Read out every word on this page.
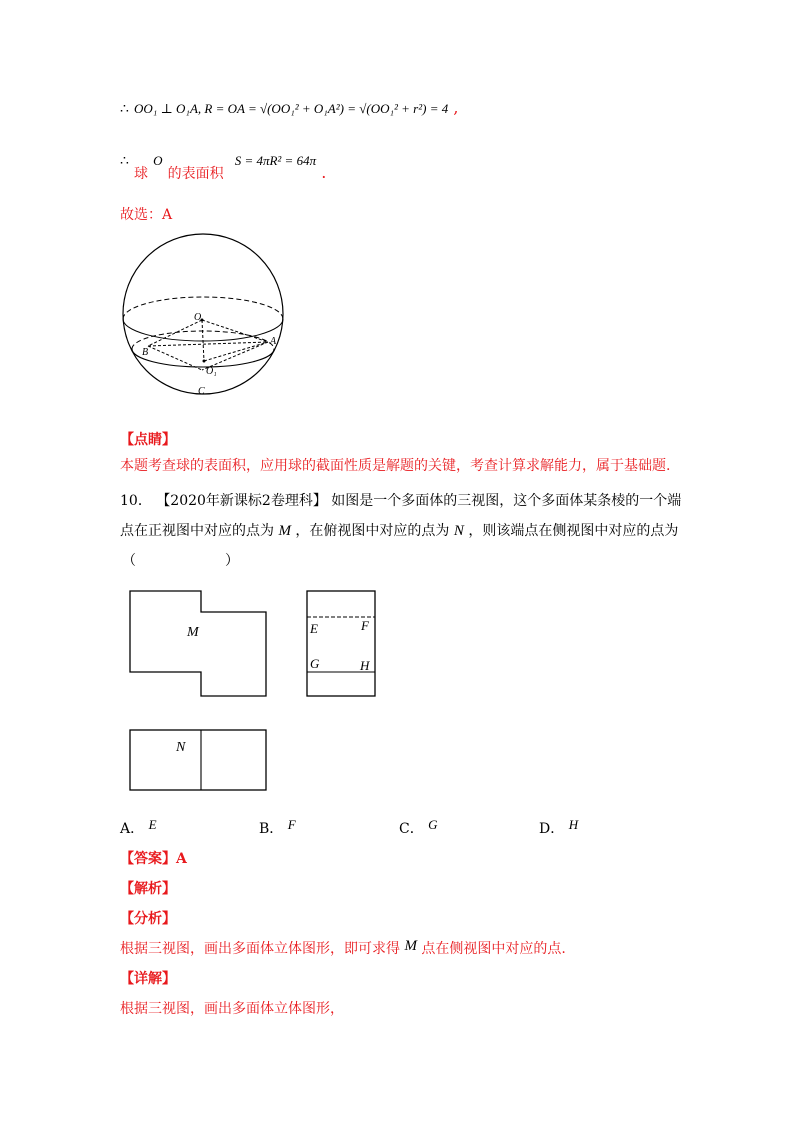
∴ OO₁ ⊥ O₁A, R = OA = √(OO₁² + O₁A²) = √(OO₁² + r²) = 4 ,
∴ 球 $^O$ 的表面积 $^{S = 4\pi R^2 = 64\pi}$ .
故选：A
O
A
B
C
O₁
【点睛】
本题考查球的表面积，应用球的截面性质是解题的关键，考查计算求解能力，属于基础题.
10． 【2020年新课标2卷理科】 如图是一个多面体的三视图，这个多面体某条棱的一个端
点在正视图中对应的点为 M ，在俯视图中对应的点为 N ，则该端点在侧视图中对应的点为
（                    ）
M	E	F
G	H
N
A． E	B． F	C． G	D． H
【答案】A
【解析】
【分析】
根据三视图，画出多面体立体图形，即可求得 M 点在侧视图中对应的点.
【详解】
根据三视图，画出多面体立体图形，
